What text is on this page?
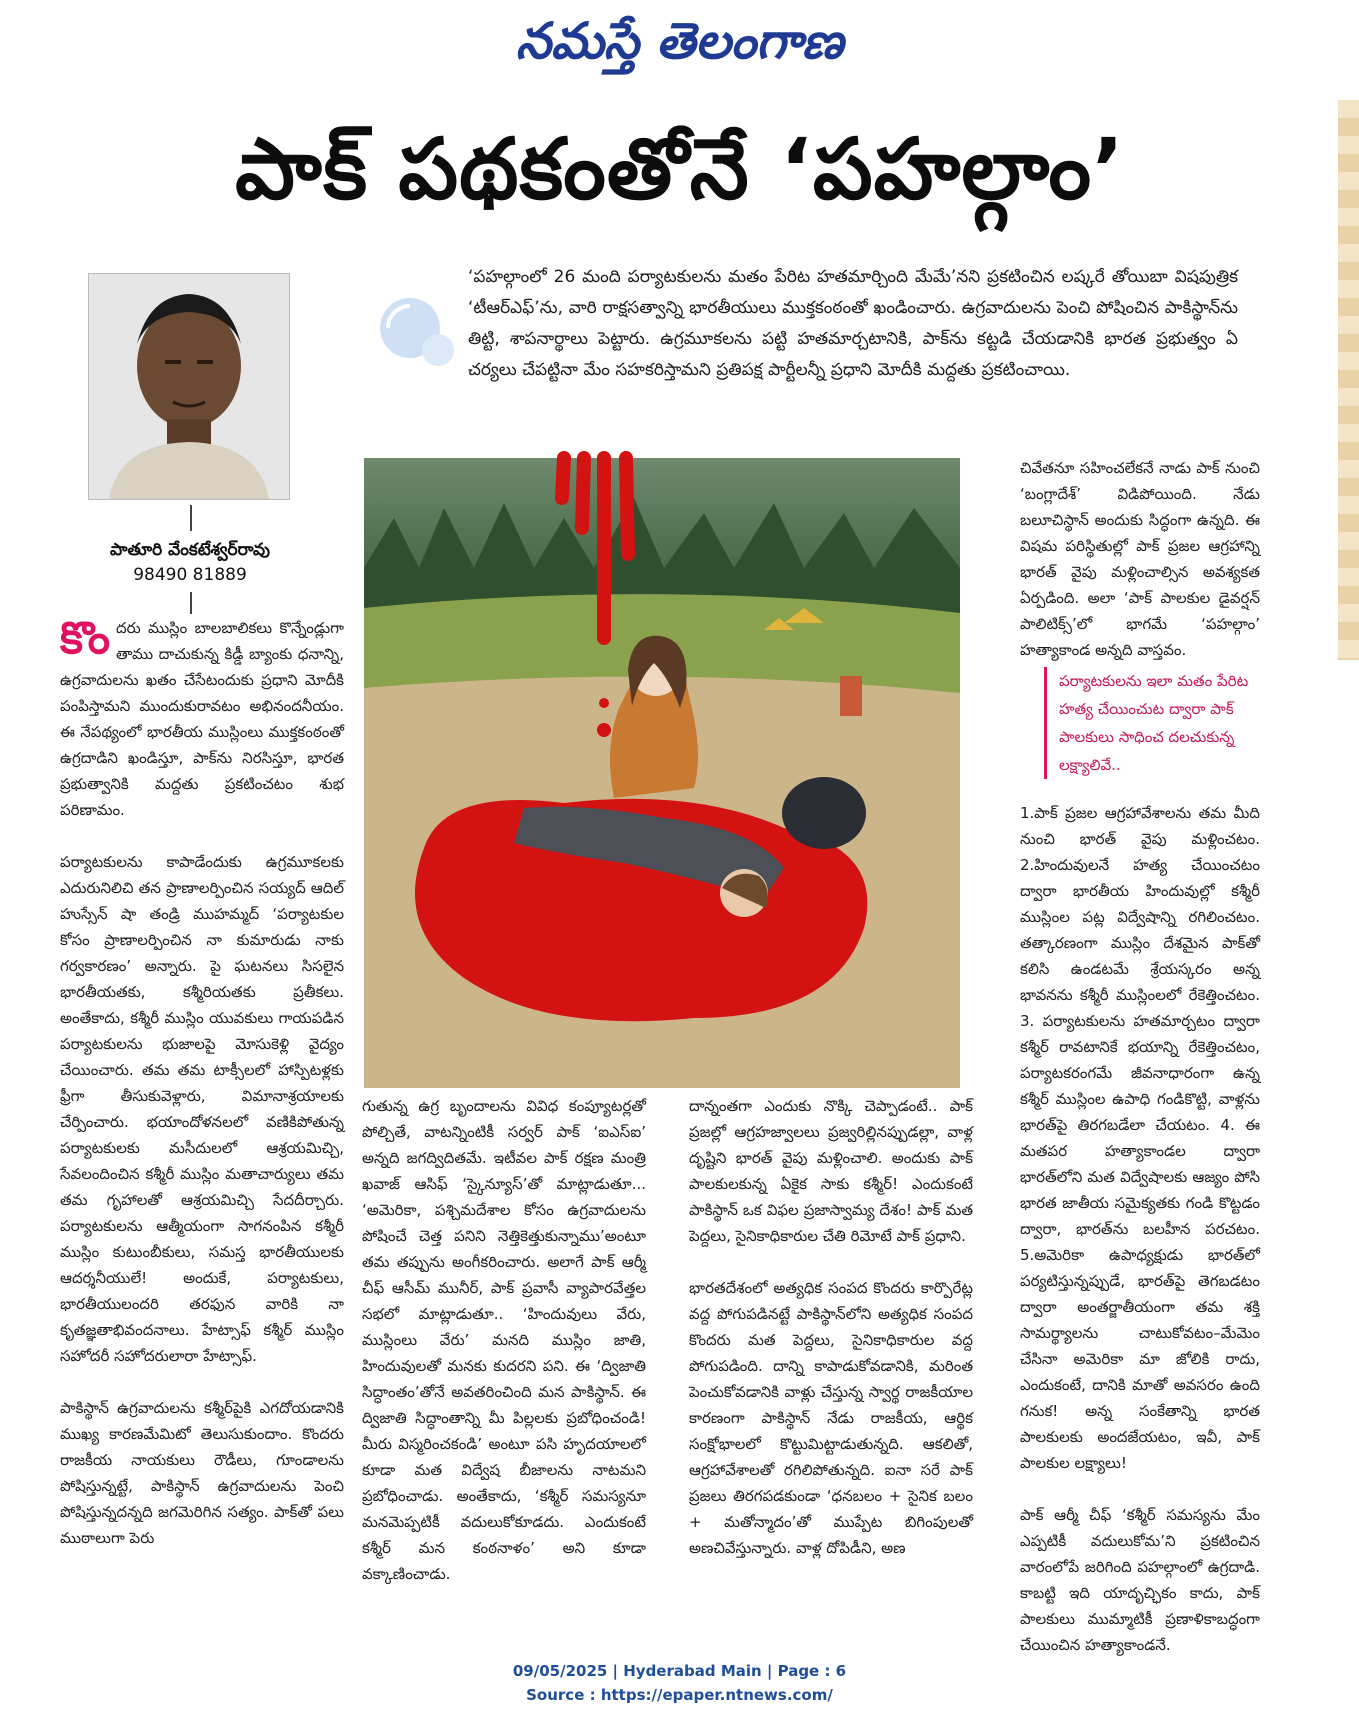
నమస్తే తెలంగాణ
పాక్ పథకంతోనే ‘పహల్గాం’
‘పహల్గాంలో 26 మంది పర్యాటకులను మతం పేరిట హతమార్చింది మేమే’నని ప్రకటించిన లష్కరే తోయిబా విషపుత్రిక ‘టీఆర్ఎఫ్’ను, వారి రాక్షసత్వాన్ని భారతీయులు ముక్తకంఠంతో ఖండించారు. ఉగ్రవాదులను పెంచి పోషించిన పాకిస్థాన్‌ను తిట్టి, శాపనార్థాలు పెట్టారు. ఉగ్రమూకలను పట్టి హతమార్చటానికి, పాక్‌ను కట్టడి చేయడానికి భారత ప్రభుత్వం ఏ చర్యలు చేపట్టినా మేం సహకరిస్తామని ప్రతిపక్ష పార్టీలన్నీ ప్రధాని మోదీకి మద్దతు ప్రకటించాయి.
పాతూరి వేంకటేశ్వర్‌రావు
98490 81889

కొందరు ముస్లిం బాలబాలికలు కొన్నేండ్లుగా తాము దాచుకున్న కిడ్డీ బ్యాంకు ధనాన్ని, ఉగ్రవాదులను ఖతం చేసేటందుకు ప్రధాని మోదీకి పంపిస్తామని ముందుకురావటం అభినందనీయం. ఈ నేపథ్యంలో భారతీయ ముస్లింలు ముక్తకంఠంతో ఉగ్రదాడిని ఖండిస్తూ, పాక్‌ను నిరసిస్తూ, భారత ప్రభుత్వానికి మద్దతు ప్రకటించటం శుభ పరిణామం.

పర్యాటకులను కాపాడేందుకు ఉగ్రమూకలకు ఎదురునిలిచి తన ప్రాణాలర్పించిన సయ్యద్ ఆదిల్ హుస్సేన్ షా తండ్రి ముహమ్మద్ ‘పర్యాటకుల కోసం ప్రాణాలర్పించిన నా కుమారుడు నాకు గర్వకారణం’ అన్నారు. పై ఘటనలు సిసలైన భారతీయతకు, కశ్మీరియతకు ప్రతీకలు. అంతేకాదు, కశ్మీరీ ముస్లిం యువకులు గాయపడిన పర్యాటకులను భుజాలపై మోసుకెళ్లి వైద్యం చేయించారు. తమ తమ టాక్సీలలో హాస్పిటళ్లకు ఫ్రీగా తీసుకువెళ్లారు, విమానాశ్రయాలకు చేర్పించారు. భయాందోళనలలో వణికిపోతున్న పర్యాటకులకు మసీదులలో ఆశ్రయమిచ్చి, సేవలందించిన కశ్మీరీ ముస్లిం మతాచార్యులు తమ తమ గృహాలతో ఆశ్రయమిచ్చి సేదదీర్చారు. పర్యాటకులను ఆత్మీయంగా సాగనంపిన కశ్మీరీ ముస్లిం కుటుంబీకులు, సమస్త భారతీయులకు ఆదర్శనీయులే! అందుకే, పర్యాటకులు, భారతీయులందరి తరఫున వారికి నా కృతజ్ఞతాభివందనాలు. హేట్సాఫ్ కశ్మీర్ ముస్లిం సహోదరీ సహోదరులారా హేట్సాఫ్.

పాకిస్థాన్ ఉగ్రవాదులను కశ్మీర్‌పైకి ఎగదోయడానికి ముఖ్య కారణమేమిటో తెలుసుకుందాం. కొందరు రాజకీయ నాయకులు రౌడీలు, గూండాలను పోషిస్తున్నట్టే, పాకిస్థాన్ ఉగ్రవాదులను పెంచి పోషిస్తున్నదన్నది జగమెరిగిన సత్యం. పాక్‌తో పలు ముఠాలుగా పెరు

గుతున్న ఉగ్ర బృందాలను వివిధ కంప్యూటర్లతో పోల్చితే, వాటన్నింటికీ సర్వర్ పాక్ ‘ఐఎస్ఐ’ అన్నది జగద్విదితమే. ఇటీవల పాక్ రక్షణ మంత్రి ఖవాజ్ ఆసిఫ్ ‘స్కైన్యూస్’తో మాట్లాడుతూ... ‘అమెరికా, పశ్చిమదేశాల కోసం ఉగ్రవాదులను పోషించే చెత్త పనిని నెత్తికెత్తుకున్నాము’అంటూ తమ తప్పును అంగీకరించారు. అలాగే పాక్ ఆర్మీ చీఫ్ ఆసీమ్ మునీర్, పాక్ ప్రవాసీ వ్యాపారవేత్తల సభలో మాట్లాడుతూ.. ‘హిందువులు వేరు, ముస్లింలు వేరు’ మనది ముస్లిం జాతి, హిందువులతో మనకు కుదరని పని. ఈ ‘ద్విజాతి సిద్ధాంతం’తోనే అవతరించింది మన పాకిస్థాన్. ఈ ద్విజాతి సిద్ధాంతాన్ని మీ పిల్లలకు ప్రబోధించండి! మీరు విస్మరించకండి’ అంటూ పసి హృదయాలలో కూడా మత విద్వేష బీజాలను నాటమని ప్రబోధించాడు. అంతేకాదు, ‘కశ్మీర్ సమస్యనూ మనమెప్పటికీ వదులుకోకూడదు. ఎందుకంటే కశ్మీర్ మన కంఠనాళం’ అని కూడా వక్కాణించాడు.

దాన్నంతగా ఎందుకు నొక్కి చెప్పాడంటే.. పాక్ ప్రజల్లో ఆగ్రహజ్వాలలు ప్రజ్వరిల్లినప్పుడల్లా, వాళ్ల దృష్టిని భారత్ వైపు మళ్లించాలి. అందుకు పాక్ పాలకులకున్న ఏకైక సాకు కశ్మీర్! ఎందుకంటే పాకిస్థాన్ ఒక విఫల ప్రజాస్వామ్య దేశం! పాక్ మత పెద్దలు, సైనికాధికారుల చేతి రిమోటే పాక్ ప్రధాని.

భారతదేశంలో అత్యధిక సంపద కొందరు కార్పొరేట్ల వద్ద పోగుపడినట్టే పాకిస్థాన్‌లోని అత్యధిక సంపద కొందరు మత పెద్దలు, సైనికాధికారుల వద్ద పోగుపడింది. దాన్ని కాపాడుకోవడానికి, మరింత పెంచుకోవడానికి వాళ్లు చేస్తున్న స్వార్థ రాజకీయాల కారణంగా పాకిస్థాన్ నేడు రాజకీయ, ఆర్థిక సంక్షోభాలలో కొట్టుమిట్టాడుతున్నది. ఆకలితో, ఆగ్రహావేశాలతో రగిలిపోతున్నది. ఐనా సరే పాక్ ప్రజలు తిరగపడకుండా ‘ధనబలం + సైనిక బలం + మతోన్మాదం’తో ముప్పేట బిగింపులతో అణచివేస్తున్నారు. వాళ్ల దోపిడీని, అణ

చివేతనూ సహించలేకనే నాడు పాక్ నుంచి ‘బంగ్లాదేశ్’ విడిపోయింది. నేడు బలూచిస్థాన్ అందుకు సిద్ధంగా ఉన్నది. ఈ విషమ పరిస్థితుల్లో పాక్ ప్రజల ఆగ్రహాన్ని భారత్ వైపు మళ్లించాల్సిన అవశ్యకత ఏర్పడింది. అలా ‘పాక్ పాలకుల డైవర్షన్ పాలిటిక్స్’లో భాగమే ‘పహల్గాం’ హత్యాకాండ అన్నది వాస్తవం.

పర్యాటకులను ఇలా మతం పేరిట హత్య చేయించుట ద్వారా పాక్ పాలకులు సాధించ దలచుకున్న లక్ష్యాలివే..

1.పాక్ ప్రజల ఆగ్రహావేశాలను తమ మీది నుంచి భారత్ వైపు మళ్లించటం. 2.హిందువులనే హత్య చేయించటం ద్వారా భారతీయ హిందువుల్లో కశ్మీరీ ముస్లింల పట్ల విద్వేషాన్ని రగిలించటం. తత్కారణంగా ముస్లిం దేశమైన పాక్‌తో కలిసి ఉండటమే శ్రేయస్కరం అన్న భావనను కశ్మీరీ ముస్లింలలో రేకెత్తించటం. 3. పర్యాటకులను హతమార్చటం ద్వారా కశ్మీర్ రావటానికే భయాన్ని రేకెత్తించటం, పర్యాటకరంగమే జీవనాధారంగా ఉన్న కశ్మీర్ ముస్లింల ఉపాధి గండికొట్టి, వాళ్లను భారత్‌పై తిరగబడేలా చేయటం. 4. ఈ మతపర హత్యాకాండల ద్వారా భారత్‌లోని మత విద్వేషాలకు ఆజ్యం పోసి భారత జాతీయ సమైక్యతకు గండి కొట్టడం ద్వారా, భారత్‌ను బలహీన పరచటం. 5.అమెరికా ఉపాధ్యక్షుడు భారత్‌లో పర్యటిస్తున్నప్పుడే, భారత్‌పై తెగబడటం ద్వారా అంతర్జాతీయంగా తమ శక్తి సామర్థ్యాలను చాటుకోవటం–మేమెం చేసినా అమెరికా మా జోలికి రాదు, ఎందుకంటే, దానికి మాతో అవసరం ఉంది గనుక! అన్న సంకేతాన్ని భారత పాలకులకు అందజేయటం, ఇవీ, పాక్ పాలకుల లక్ష్యాలు!

పాక్ ఆర్మీ చీఫ్ ‘కశ్మీర్ సమస్యను మేం ఎప్పటికీ వదులుకోమ’ని ప్రకటించిన వారంలోపే జరిగింది పహల్గాంలో ఉగ్రదాడి. కాబట్టి ఇది యాదృచ్ఛికం కాదు, పాక్ పాలకులు ముమ్మాటికీ ప్రణాళికాబద్ధంగా చేయించిన హత్యాకాండనే.

09/05/2025 | Hyderabad Main | Page : 6
Source : https://epaper.ntnews.com/
